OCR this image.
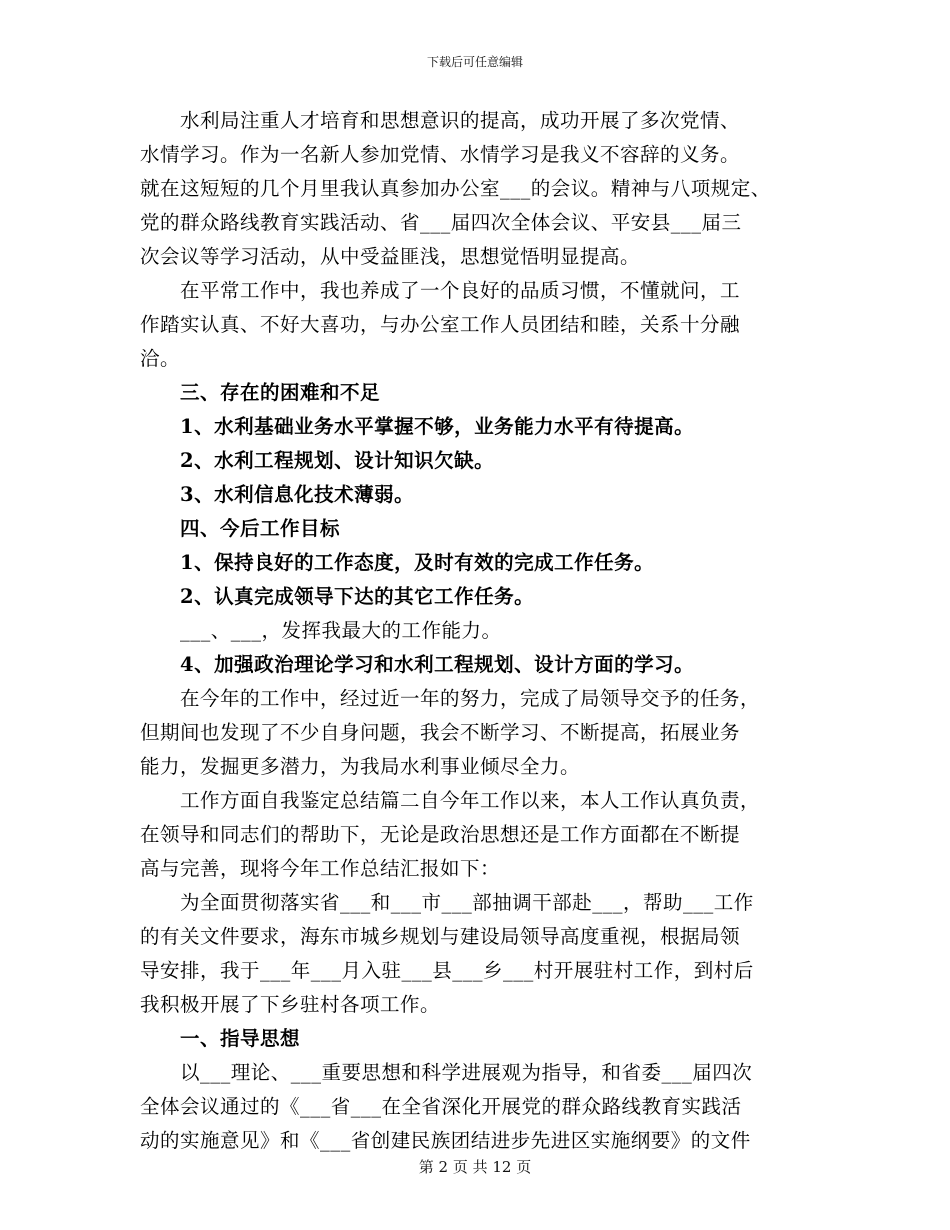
下载后可任意编辑
　　水利局注重人才培育和思想意识的提高，成功开展了多次党情、
水情学习。作为一名新人参加党情、水情学习是我义不容辞的义务。
就在这短短的几个月里我认真参加办公室___的会议。精神与八项规定、
党的群众路线教育实践活动、省___届四次全体会议、平安县___届三
次会议等学习活动，从中受益匪浅，思想觉悟明显提高。
　　在平常工作中，我也养成了一个良好的品质习惯，不懂就问，工
作踏实认真、不好大喜功，与办公室工作人员团结和睦，关系十分融
洽。
　　三、存在的困难和不足
　　1、水利基础业务水平掌握不够，业务能力水平有待提高。
　　2、水利工程规划、设计知识欠缺。
　　3、水利信息化技术薄弱。
　　四、今后工作目标
　　1、保持良好的工作态度，及时有效的完成工作任务。
　　2、认真完成领导下达的其它工作任务。
　　___、___，发挥我最大的工作能力。
　　4、加强政治理论学习和水利工程规划、设计方面的学习。
　　在今年的工作中，经过近一年的努力，完成了局领导交予的任务，
但期间也发现了不少自身问题，我会不断学习、不断提高，拓展业务
能力，发掘更多潜力，为我局水利事业倾尽全力。
　　工作方面自我鉴定总结篇二自今年工作以来，本人工作认真负责，
在领导和同志们的帮助下，无论是政治思想还是工作方面都在不断提
高与完善，现将今年工作总结汇报如下：
　　为全面贯彻落实省___和___市___部抽调干部赴___，帮助___工作
的有关文件要求，海东市城乡规划与建设局领导高度重视，根据局领
导安排，我于___年___月入驻___县___乡___村开展驻村工作，到村后
我积极开展了下乡驻村各项工作。
　　一、指导思想
　　以___理论、___重要思想和科学进展观为指导，和省委___届四次
全体会议通过的《___省___在全省深化开展党的群众路线教育实践活
动的实施意见》和《___省创建民族团结进步先进区实施纲要》的文件
第 2 页 共 12 页
